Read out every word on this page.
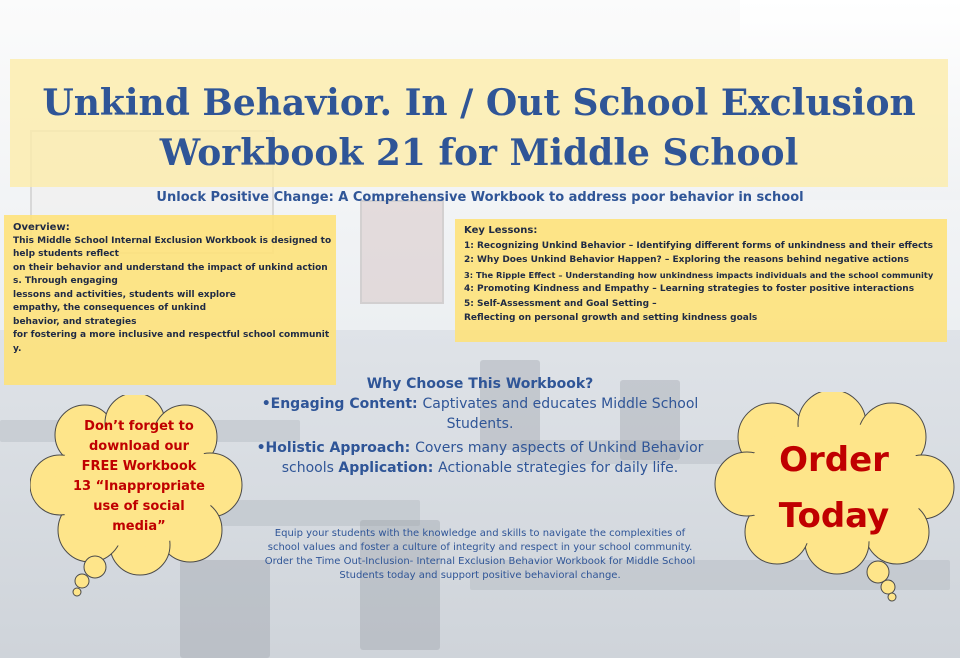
Unkind Behavior. In / Out School Exclusion
Workbook 21 for Middle School
Unlock Positive Change: A Comprehensive Workbook to address poor behavior in school
Overview:
This Middle School Internal Exclusion Workbook is designed to
help students reflect
on their behavior and understand the impact of unkind action
s. Through engaging
lessons and activities, students will explore
empathy, the consequences of unkind
behavior, and strategies
for fostering a more inclusive and respectful school communit
y.
Key Lessons:
1: Recognizing Unkind Behavior – Identifying different forms of unkindness and their effects
2: Why Does Unkind Behavior Happen? – Exploring the reasons behind negative actions
3: The Ripple Effect – Understanding how unkindness impacts individuals and the school community
4: Promoting Kindness and Empathy – Learning strategies to foster positive interactions
5: Self-Assessment and Goal Setting –
Reflecting on personal growth and setting kindness goals
Why Choose This Workbook?
•Engaging Content: Captivates and educates Middle School Students.
•Holistic Approach: Covers many aspects of Unkind Behavior schools Application: Actionable strategies for daily life.
Equip your students with the knowledge and skills to navigate the complexities of
school values and foster a culture of integrity and respect in your school community.
Order the Time Out-Inclusion- Internal Exclusion Behavior Workbook for Middle School
Students today and support positive behavioral change.
Don’t forget to
download our
FREE Workbook
13 “Inappropriate
use of social
media”
Order
Today
